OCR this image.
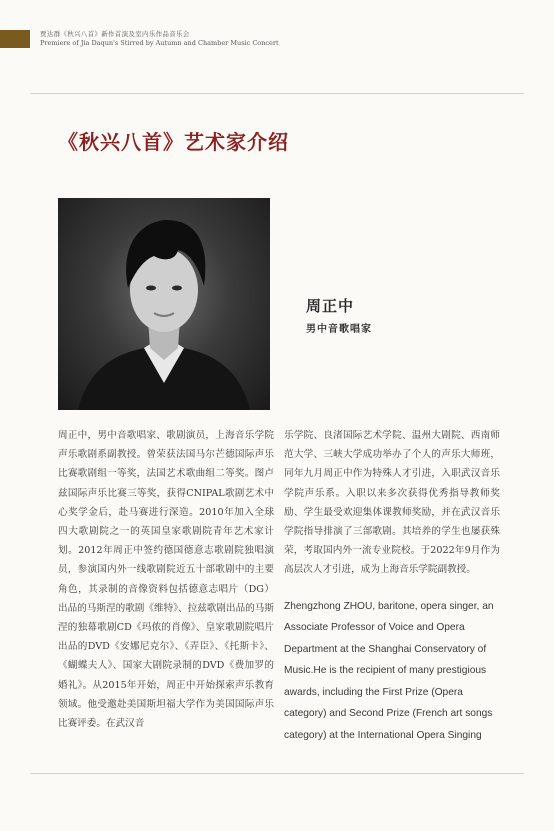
贾达群《秋兴八首》新作首演及室内乐作品音乐会
Premiere of Jia Daqun's Stirred by Autumn and Chamber Music Concert
《秋兴八首》艺术家介绍
周正中
男中音歌唱家

周正中，男中音歌唱家、歌剧演员，上海音乐学院声乐歌剧系副教授。曾荣获法国马尔芒德国际声乐比赛歌剧组一等奖，法国艺术歌曲组二等奖。图卢兹国际声乐比赛三等奖，获得CNIPAL歌剧艺术中心奖学金后，赴马赛进行深造。2010年加入全球四大歌剧院之一的英国皇家歌剧院青年艺术家计划。2012年周正中签约德国德意志歌剧院独唱演员，参演国内外一线歌剧院近五十部歌剧中的主要角色，其录制的音像资料包括德意志唱片（DG）出品的马斯涅的歌剧《维特》、拉兹歌剧出品的马斯涅的独幕歌剧CD《玛侬的肖像》、皇家歌剧院唱片出品的DVD《安娜尼克尔》、《弄臣》、《托斯卡》、《蝴蝶夫人》、国家大剧院录制的DVD《费加罗的婚礼》。从2015年开始，周正中开始探索声乐教育领域。他受邀赴美国斯坦福大学作为美国国际声乐比赛评委。在武汉音

乐学院、良渚国际艺术学院、温州大剧院、西南师范大学、三峡大学成功举办了个人的声乐大师班，同年九月周正中作为特殊人才引进，入职武汉音乐学院声乐系。入职以来多次获得优秀指导教师奖励、学生最受欢迎集体课教师奖励，并在武汉音乐学院指导排演了三部歌剧。其培养的学生也屡获殊荣，考取国内外一流专业院校。于2022年9月作为高层次人才引进，成为上海音乐学院副教授。

Zhengzhong ZHOU, baritone, opera singer, an Associate Professor of Voice and Opera Department at the Shanghai Conservatory of Music.He is the recipient of many prestigious awards, including the First Prize (Opera category) and Second Prize (French art songs category) at the International Opera Singing
